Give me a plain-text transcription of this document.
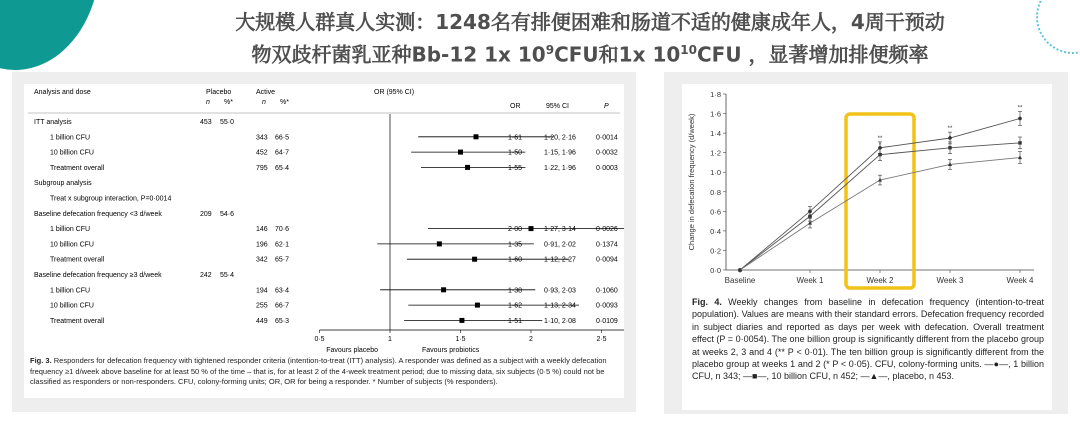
大规模人群真人实测：1248名有排便困难和肠道不适的健康成年人，4周干预动
物双歧杆菌乳亚种Bb-12 1x $10^9CFU$和1x $10^{10}CFU$ ，显著增加排便频率
Analysis and dose	Placebo	Active
n %*	n %*
OR (95% CI)
OR	95% CI	P
ITT analysis	453 55·0
1 billion CFU	343 66·5	1·61	1·20, 2·16	0·0014
10 billion CFU	452 64·7	1·50	1·15, 1·96	0·0032
Treatment overall	795 65·4	1·55	1·22, 1·96	0·0003
Subgroup analysis
Treat x subgroup interaction, P=0·0014
Baseline defecation frequency <3 d/week	209 54·6
1 billion CFU	146 70·6	2·00	1·27, 3·14	0·0026
10 billion CFU	196 62·1	1·35	0·91, 2·02	0·1374
Treatment overall	342 65·7	1·60	1·12, 2·27	0·0094
Baseline defecation frequency ≥3 d/week	242 55·4
1 billion CFU	194 63·4	1·38	0·93, 2·03	0·1060
10 billion CFU	255 66·7	1·62	1·13, 2·34	0·0093
Treatment overall	449 65·3	1·51	1·10, 2·08	0·0109
0·5	1	1·5	2	2·5
Favours placebo	Favours probiotics
Fig. 3. Responders for defecation frequency with tightened responder criteria (intention-to-treat (ITT) analysis). A responder was defined as a subject with a weekly defecation frequency ≥1 d/week above baseline for at least 50 % of the time – that is, for at least 2 of the 4-week treatment period; due to missing data, six subjects (0·5 %) could not be classified as responders or non-responders. CFU, colony-forming units; OR, OR for being a responder. * Number of subjects (% responders).
0·0
0·2
0·4
0·6
0·8
1·0
1·2
1·4
1·6
1·8
Baseline	Week 1	Week 2	Week 3	Week 4
Change in defecation frequency (d/week)	**
**
**
*
*
Fig. 4. Weekly changes from baseline in defecation frequency (intention-to-treat population). Values are means with their standard errors. Defecation frequency recorded in subject diaries and reported as days per week with defecation. Overall treatment effect (P = 0·0054). The one billion group is significantly different from the placebo group at weeks 2, 3 and 4 (** P < 0·01). The ten billion group is significantly different from the placebo group at weeks 1 and 2 (* P < 0·05). CFU, colony-forming units. —●—, 1 billion CFU, n 343; —■—, 10 billion CFU, n 452; —▲—, placebo, n 453.
